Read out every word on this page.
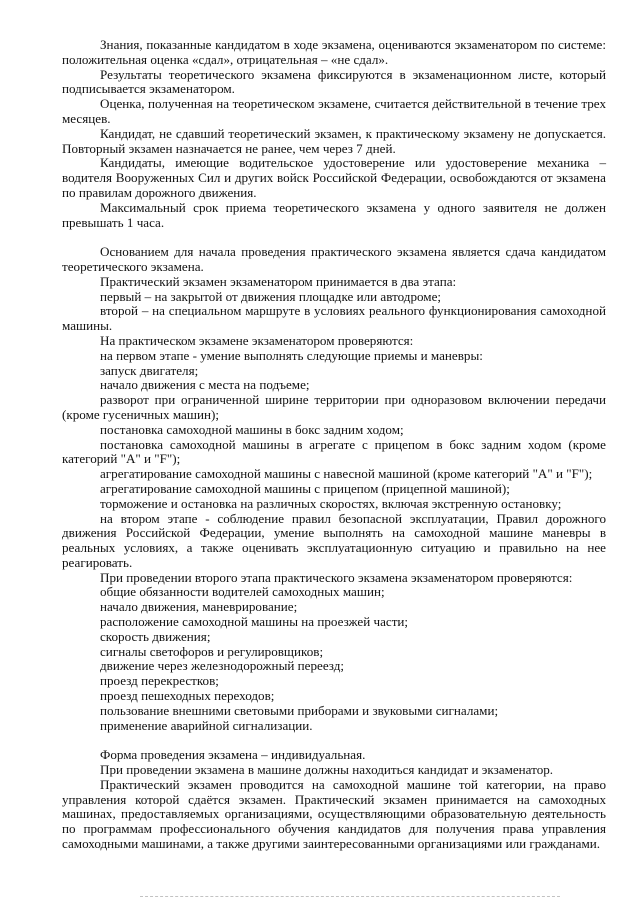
Знания, показанные кандидатом в ходе экзамена, оцениваются экзаменатором по системе: положительная оценка «сдал», отрицательная – «не сдал».

Результаты теоретического экзамена фиксируются в экзаменационном листе, который подписывается экзаменатором.

Оценка, полученная на теоретическом экзамене, считается действительной в течение трех месяцев.

Кандидат, не сдавший теоретический экзамен, к практическому экзамену не допускается. Повторный экзамен назначается не ранее, чем через 7 дней.

Кандидаты, имеющие водительское удостоверение или удостоверение механика – водителя Вооруженных Сил и других войск Российской Федерации, освобождаются от экзамена по правилам дорожного движения.

Максимальный срок приема теоретического экзамена у одного заявителя не должен превышать 1 часа.

Основанием для начала проведения практического экзамена является сдача кандидатом теоретического экзамена.

Практический экзамен экзаменатором принимается в два этапа:

первый – на закрытой от движения площадке или автодроме;

второй – на специальном маршруте в условиях реального функционирования самоходной машины.

На практическом экзамене экзаменатором проверяются:

на первом этапе - умение выполнять следующие приемы и маневры:

запуск двигателя;

начало движения с места на подъеме;

разворот при ограниченной ширине территории при одноразовом включении передачи (кроме гусеничных машин);

постановка самоходной машины в бокс задним ходом;

постановка самоходной машины в агрегате с прицепом в бокс задним ходом (кроме категорий "A" и "F");

агрегатирование самоходной машины с навесной машиной (кроме категорий "A" и "F");

агрегатирование самоходной машины с прицепом (прицепной машиной);

торможение и остановка на различных скоростях, включая экстренную остановку;

на втором этапе - соблюдение правил безопасной эксплуатации, Правил дорожного движения Российской Федерации, умение выполнять на самоходной машине маневры в реальных условиях, а также оценивать эксплуатационную ситуацию и правильно на нее реагировать.

При проведении второго этапа практического экзамена экзаменатором проверяются:

общие обязанности водителей самоходных машин;

начало движения, маневрирование;

расположение самоходной машины на проезжей части;

скорость движения;

сигналы светофоров и регулировщиков;

движение через железнодорожный переезд;

проезд перекрестков;

проезд пешеходных переходов;

пользование внешними световыми приборами и звуковыми сигналами;

применение аварийной сигнализации.

Форма проведения экзамена – индивидуальная.

При проведении экзамена в машине должны находиться кандидат и экзаменатор.

Практический экзамен проводится на самоходной машине той категории, на право управления которой сдаётся экзамен. Практический экзамен принимается на самоходных машинах, предоставляемых организациями, осуществляющими образовательную деятельность по программам профессионального обучения кандидатов для получения права управления самоходными машинами, а также другими заинтересованными организациями или гражданами.
